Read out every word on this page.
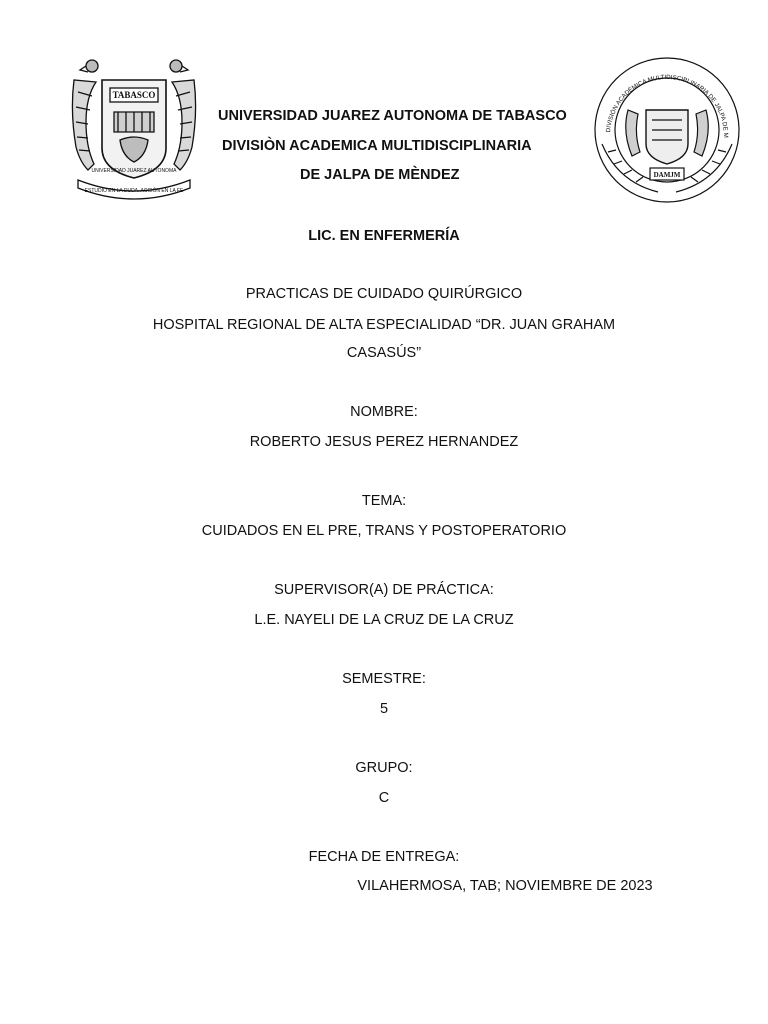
TABASCO
UNIVERSIDAD JUAREZ AUTONOMA
ESTUDIO EN LA DUDA. ACCIÓN EN LA FE
UNIVERSIDAD JUAREZ AUTONOMA DE TABASCO
DIVISIÒN ACADEMICA MULTIDISCIPLINARIA
DE JALPA DE MÈNDEZ
DIVISIÓN ACADÉMICA MULTIDISCIPLINARIA DE JALPA DE M
DAMJM
LIC. EN ENFERMERÍA
PRACTICAS DE CUIDADO QUIRÚRGICO
HOSPITAL REGIONAL DE ALTA ESPECIALIDAD “DR. JUAN GRAHAM
CASASÚS”
NOMBRE:
ROBERTO JESUS PEREZ HERNANDEZ
TEMA:
CUIDADOS EN EL PRE, TRANS Y POSTOPERATORIO
SUPERVISOR(A) DE PRÁCTICA:
L.E. NAYELI DE LA CRUZ DE LA CRUZ
SEMESTRE:
5
GRUPO:
C
FECHA DE ENTREGA:
VILAHERMOSA, TAB; NOVIEMBRE DE 2023
